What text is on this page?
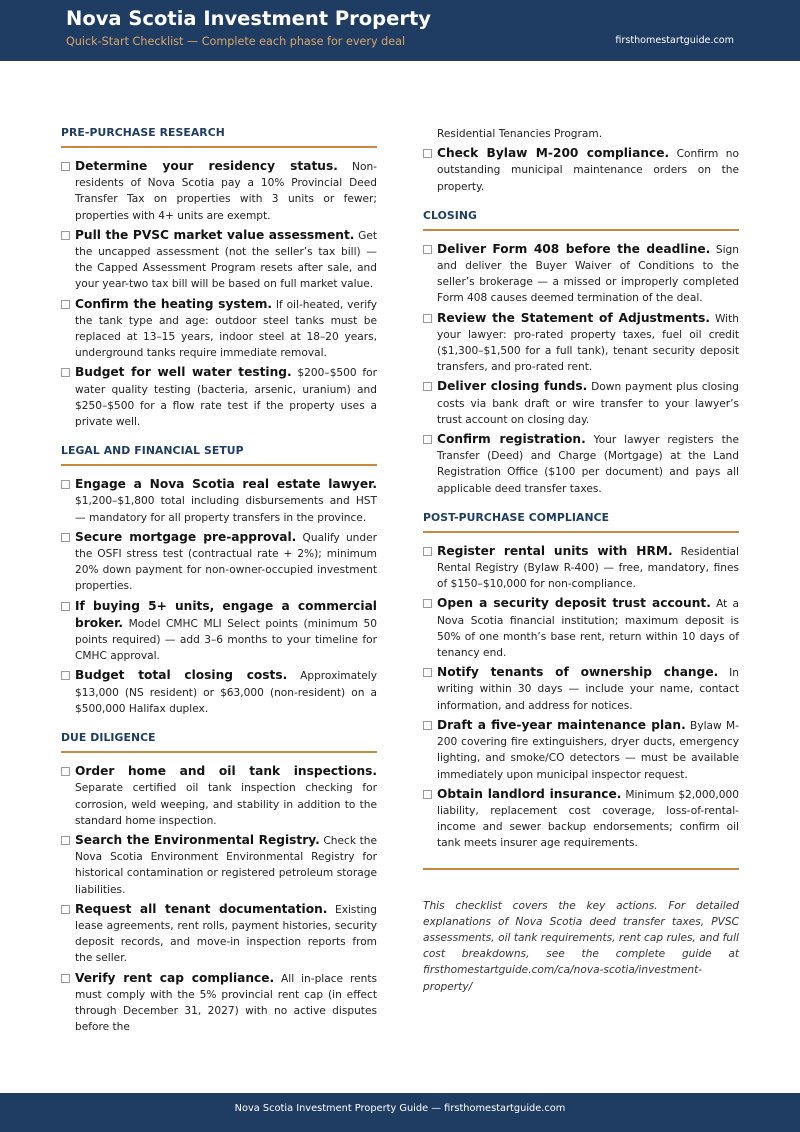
Nova Scotia Investment Property
Quick-Start Checklist — Complete each phase for every deal	firsthomestartguide.com
PRE-PURCHASE RESEARCH
Determine your residency status. Non-residents of Nova Scotia pay a 10% Provincial Deed Transfer Tax on properties with 3 units or fewer; properties with 4+ units are exempt.
Pull the PVSC market value assessment. Get the uncapped assessment (not the seller’s tax bill) — the Capped Assessment Program resets after sale, and your year-two tax bill will be based on full market value.
Confirm the heating system. If oil-heated, verify the tank type and age: outdoor steel tanks must be replaced at 13–15 years, indoor steel at 18–20 years, underground tanks require immediate removal.
Budget for well water testing. $200–$500 for water quality testing (bacteria, arsenic, uranium) and $250–$500 for a flow rate test if the property uses a private well.
LEGAL AND FINANCIAL SETUP
Engage a Nova Scotia real estate lawyer. $1,200–$1,800 total including disbursements and HST — mandatory for all property transfers in the province.
Secure mortgage pre-approval. Qualify under the OSFI stress test (contractual rate + 2%); minimum 20% down payment for non-owner-occupied investment properties.
If buying 5+ units, engage a commercial broker. Model CMHC MLI Select points (minimum 50 points required) — add 3–6 months to your timeline for CMHC approval.
Budget total closing costs. Approximately $13,000 (NS resident) or $63,000 (non-resident) on a $500,000 Halifax duplex.
DUE DILIGENCE
Order home and oil tank inspections. Separate certified oil tank inspection checking for corrosion, weld weeping, and stability in addition to the standard home inspection.
Search the Environmental Registry. Check the Nova Scotia Environment Environmental Registry for historical contamination or registered petroleum storage liabilities.
Request all tenant documentation. Existing lease agreements, rent rolls, payment histories, security deposit records, and move-in inspection reports from the seller.
Verify rent cap compliance. All in-place rents must comply with the 5% provincial rent cap (in effect through December 31, 2027) with no active disputes before the
Residential Tenancies Program.
Check Bylaw M-200 compliance. Confirm no outstanding municipal maintenance orders on the property.
CLOSING
Deliver Form 408 before the deadline. Sign and deliver the Buyer Waiver of Conditions to the seller’s brokerage — a missed or improperly completed Form 408 causes deemed termination of the deal.
Review the Statement of Adjustments. With your lawyer: pro-rated property taxes, fuel oil credit ($1,300–$1,500 for a full tank), tenant security deposit transfers, and pro-rated rent.
Deliver closing funds. Down payment plus closing costs via bank draft or wire transfer to your lawyer’s trust account on closing day.
Confirm registration. Your lawyer registers the Transfer (Deed) and Charge (Mortgage) at the Land Registration Office ($100 per document) and pays all applicable deed transfer taxes.
POST-PURCHASE COMPLIANCE
Register rental units with HRM. Residential Rental Registry (Bylaw R-400) — free, mandatory, fines of $150–$10,000 for non-compliance.
Open a security deposit trust account. At a Nova Scotia financial institution; maximum deposit is 50% of one month’s base rent, return within 10 days of tenancy end.
Notify tenants of ownership change. In writing within 30 days — include your name, contact information, and address for notices.
Draft a five-year maintenance plan. Bylaw M-200 covering fire extinguishers, dryer ducts, emergency lighting, and smoke/CO detectors — must be available immediately upon municipal inspector request.
Obtain landlord insurance. Minimum $2,000,000 liability, replacement cost coverage, loss-of-rental-income and sewer backup endorsements; confirm oil tank meets insurer age requirements.
This checklist covers the key actions. For detailed explanations of Nova Scotia deed transfer taxes, PVSC assessments, oil tank requirements, rent cap rules, and full cost breakdowns, see the complete guide at firsthomestartguide.com/ca/nova-scotia/investment-property/
Nova Scotia Investment Property Guide — firsthomestartguide.com
